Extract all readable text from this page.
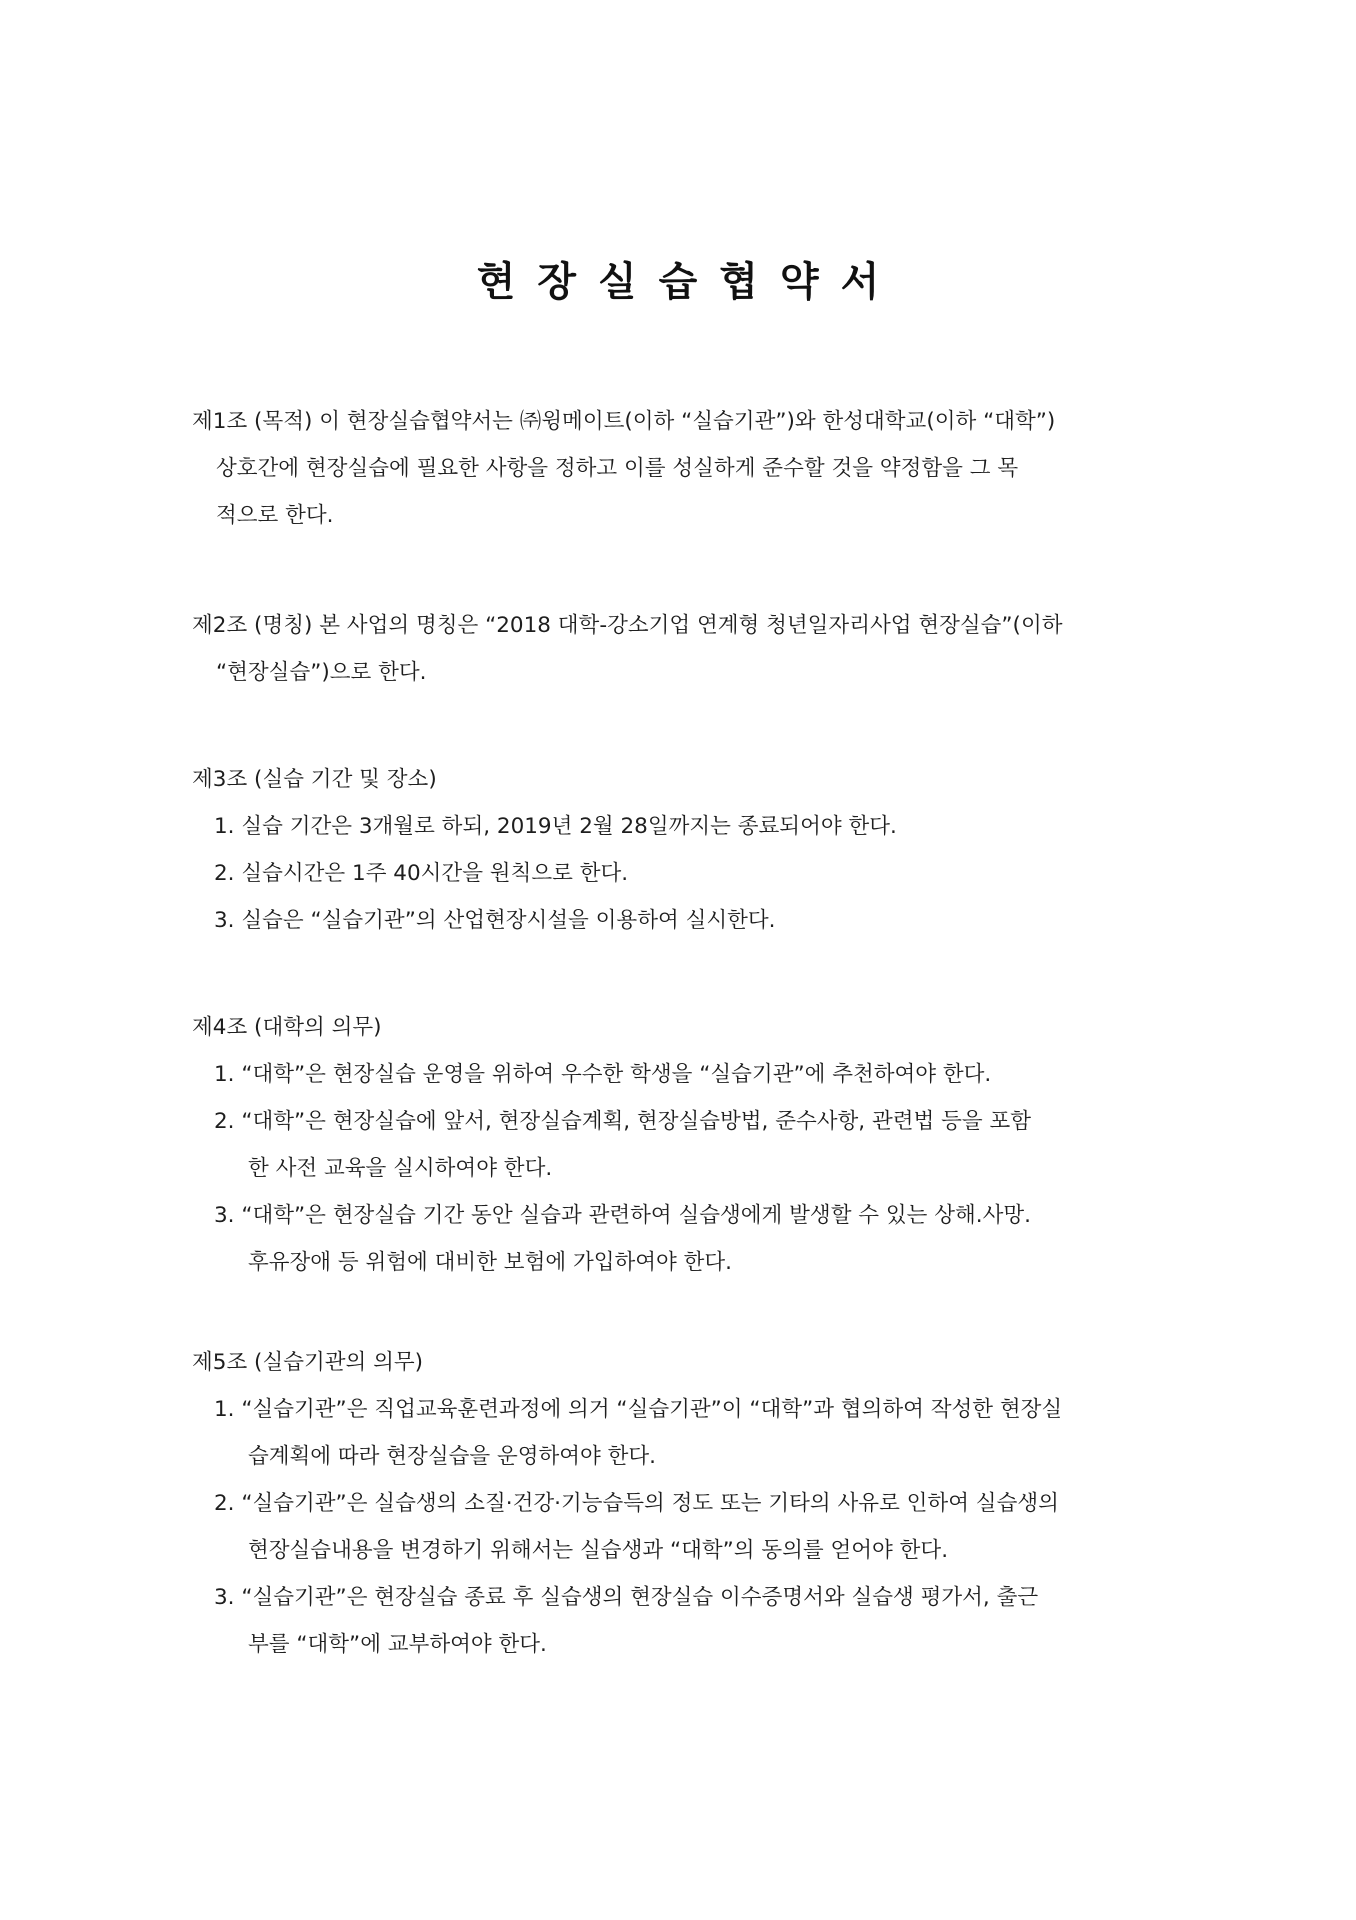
현장실습협약서

제1조 (목적) 이 현장실습협약서는 ㈜윙메이트(이하 “실습기관”)와 한성대학교(이하 “대학”)

상호간에 현장실습에 필요한 사항을 정하고 이를 성실하게 준수할 것을 약정함을 그 목

적으로 한다.

제2조 (명칭) 본 사업의 명칭은 “2018 대학-강소기업 연계형 청년일자리사업 현장실습”(이하

“현장실습”)으로 한다.

제3조 (실습 기간 및 장소)

1. 실습 기간은 3개월로 하되, 2019년 2월 28일까지는 종료되어야 한다.

2. 실습시간은 1주 40시간을 원칙으로 한다.

3. 실습은 “실습기관”의 산업현장시설을 이용하여 실시한다.

제4조 (대학의 의무)

1. “대학”은 현장실습 운영을 위하여 우수한 학생을 “실습기관”에 추천하여야 한다.

2. “대학”은 현장실습에 앞서, 현장실습계획, 현장실습방법, 준수사항, 관련법 등을 포함
한 사전 교육을 실시하여야 한다.

3. “대학”은 현장실습 기간 동안 실습과 관련하여 실습생에게 발생할 수 있는 상해.사망.
후유장애 등 위험에 대비한 보험에 가입하여야 한다.

제5조 (실습기관의 의무)

1. “실습기관”은 직업교육훈련과정에 의거 “실습기관”이 “대학”과 협의하여 작성한 현장실
습계획에 따라 현장실습을 운영하여야 한다.

2. “실습기관”은 실습생의 소질·건강·기능습득의 정도 또는 기타의 사유로 인하여 실습생의
현장실습내용을 변경하기 위해서는 실습생과 “대학”의 동의를 얻어야 한다.

3. “실습기관”은 현장실습 종료 후 실습생의 현장실습 이수증명서와 실습생 평가서, 출근
부를 “대학”에 교부하여야 한다.
